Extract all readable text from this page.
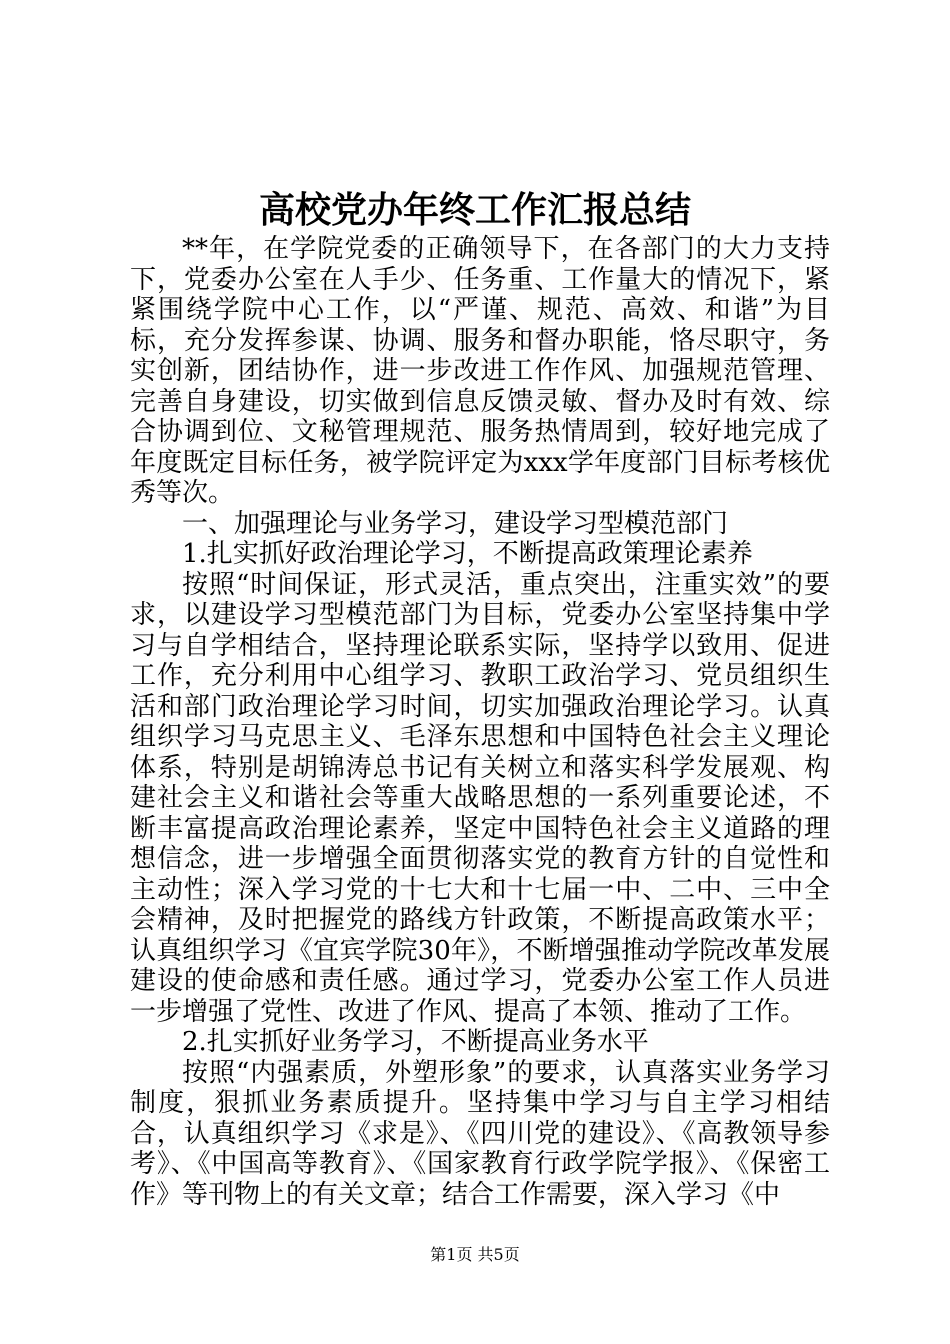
高校党办年终工作汇报总结

**年，在学院党委的正确领导下，在各部门的大力支持下，党委办公室在人手少、任务重、工作量大的情况下，紧紧围绕学院中心工作，以“严谨、规范、高效、和谐”为目标，充分发挥参谋、协调、服务和督办职能，恪尽职守，务实创新，团结协作，进一步改进工作作风、加强规范管理、完善自身建设，切实做到信息反馈灵敏、督办及时有效、综合协调到位、文秘管理规范、服务热情周到，较好地完成了年度既定目标任务，被学院评定为xxx学年度部门目标考核优秀等次。

一、加强理论与业务学习，建设学习型模范部门

1.扎实抓好政治理论学习，不断提高政策理论素养

按照“时间保证，形式灵活，重点突出，注重实效”的要求，以建设学习型模范部门为目标，党委办公室坚持集中学习与自学相结合，坚持理论联系实际，坚持学以致用、促进工作，充分利用中心组学习、教职工政治学习、党员组织生活和部门政治理论学习时间，切实加强政治理论学习。认真组织学习马克思主义、毛泽东思想和中国特色社会主义理论体系，特别是胡锦涛总书记有关树立和落实科学发展观、构建社会主义和谐社会等重大战略思想的一系列重要论述，不断丰富提高政治理论素养，坚定中国特色社会主义道路的理想信念，进一步增强全面贯彻落实党的教育方针的自觉性和主动性；深入学习党的十七大和十七届一中、二中、三中全会精神，及时把握党的路线方针政策，不断提高政策水平；认真组织学习《宜宾学院30年》，不断增强推动学院改革发展建设的使命感和责任感。通过学习，党委办公室工作人员进一步增强了党性、改进了作风、提高了本领、推动了工作。

2.扎实抓好业务学习，不断提高业务水平

按照“内强素质，外塑形象”的要求，认真落实业务学习制度，狠抓业务素质提升。坚持集中学习与自主学习相结合，认真组织学习《求是》、《四川党的建设》、《高教领导参考》、《中国高等教育》、《国家教育行政学院学报》、《保密工作》等刊物上的有关文章；结合工作需要，深入学习《中

第1页 共5页
